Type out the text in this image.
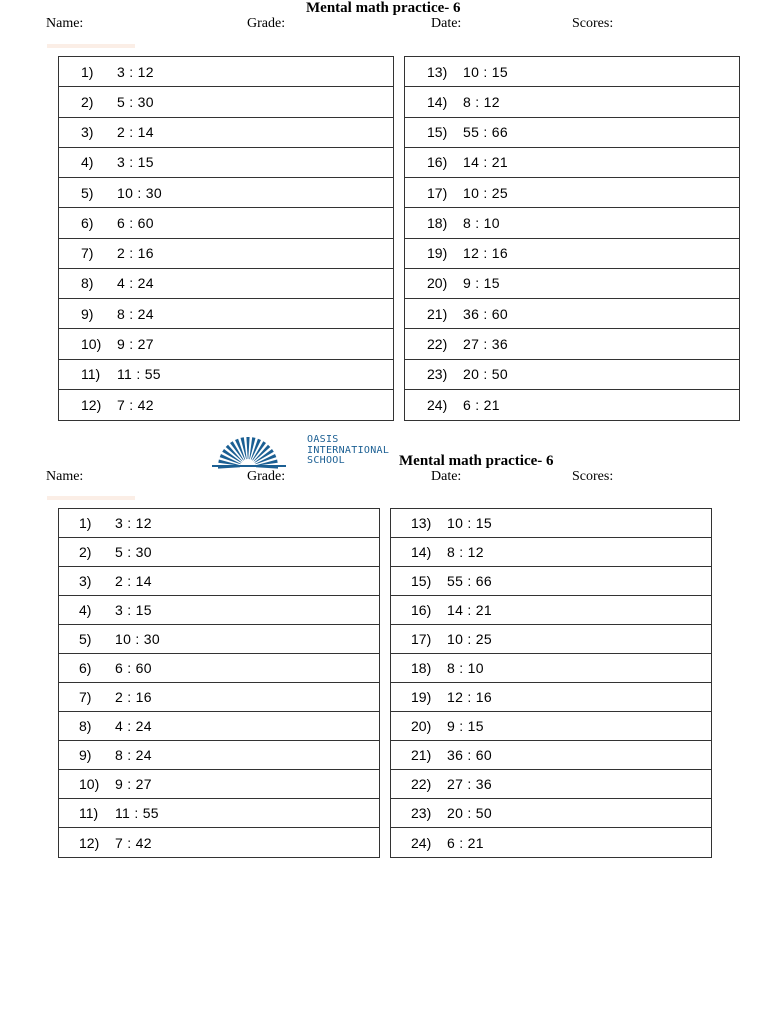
Mental math practice- 6
Name:	Grade:	Date:	Scores:
1)	3 : 12
2)	5 : 30
3)	2 : 14
4)	3 : 15
5)	10 : 30
6)	6 : 60
7)	2 : 16
8)	4 : 24
9)	8 : 24
10)	9 : 27
11)	11 : 55
12)	7 : 42
13)	10 : 15
14)	8 : 12
15)	55 : 66
16)	14 : 21
17)	10 : 25
18)	8 : 10
19)	12 : 16
20)	9 : 15
21)	36 : 60
22)	27 : 36
23)	20 : 50
24)	6 : 21
OASIS
INTERNATIONAL
SCHOOL	Mental math practice- 6
Name:	Grade:	Date:	Scores:
1)	3 : 12
2)	5 : 30
3)	2 : 14
4)	3 : 15
5)	10 : 30
6)	6 : 60
7)	2 : 16
8)	4 : 24
9)	8 : 24
10)	9 : 27
11)	11 : 55
12)	7 : 42
13)	10 : 15
14)	8 : 12
15)	55 : 66
16)	14 : 21
17)	10 : 25
18)	8 : 10
19)	12 : 16
20)	9 : 15
21)	36 : 60
22)	27 : 36
23)	20 : 50
24)	6 : 21
